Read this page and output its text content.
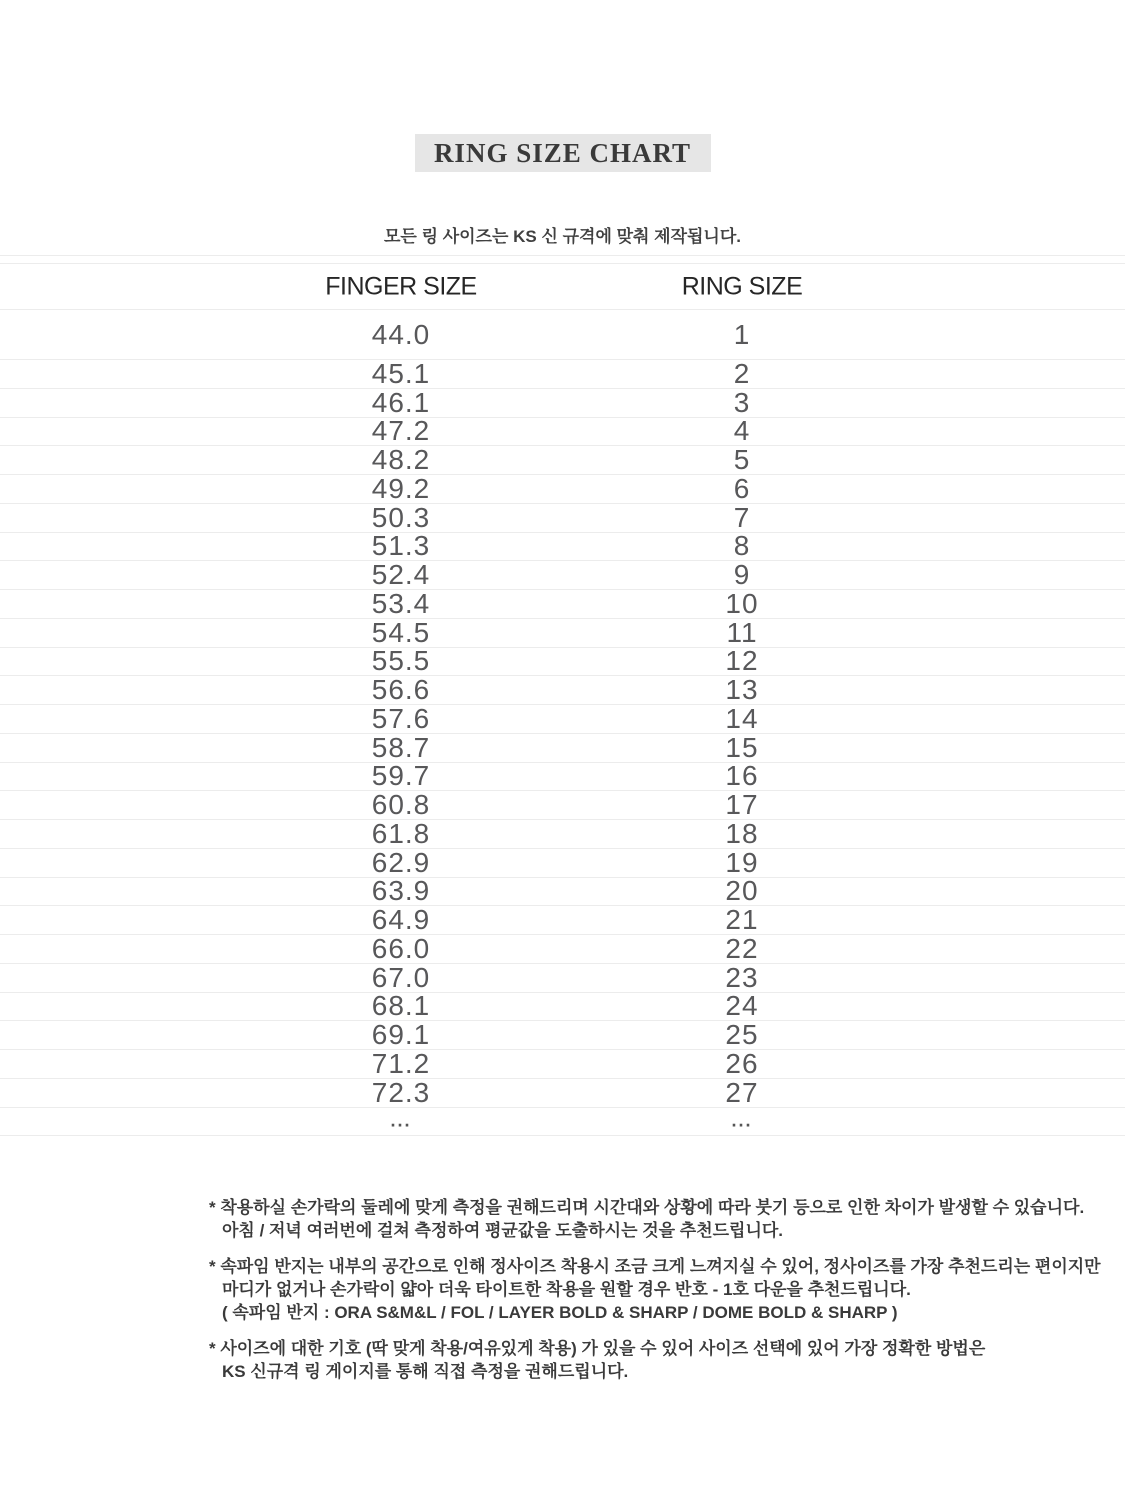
RING SIZE CHART

모든 링 사이즈는 KS 신 규격에 맞춰 제작됩니다.

FINGER SIZE	RING SIZE
44.0	1
45.1	2
46.1	3
47.2	4
48.2	5
49.2	6
50.3	7
51.3	8
52.4	9
53.4	10
54.5	11
55.5	12
56.6	13
57.6	14
58.7	15
59.7	16
60.8	17
61.8	18
62.9	19
63.9	20
64.9	21
66.0	22
67.0	23
68.1	24
69.1	25
71.2	26
72.3	27
...	...
* 착용하실 손가락의 둘레에 맞게 측정을 권해드리며 시간대와 상황에 따라 붓기 등으로 인한 차이가 발생할 수 있습니다.
아침 / 저녁 여러번에 걸쳐 측정하여 평균값을 도출하시는 것을 추천드립니다.
* 속파임 반지는 내부의 공간으로 인해 정사이즈 착용시 조금 크게 느껴지실 수 있어, 정사이즈를 가장 추천드리는 편이지만
마디가 없거나 손가락이 얇아 더욱 타이트한 착용을 원할 경우 반호 - 1호 다운을 추천드립니다.
( 속파임 반지 : ORA S&M&L / FOL / LAYER BOLD & SHARP / DOME BOLD & SHARP )
* 사이즈에 대한 기호 (딱 맞게 착용/여유있게 착용) 가 있을 수 있어 사이즈 선택에 있어 가장 정확한 방법은
KS 신규격 링 게이지를 통해 직접 측정을 권해드립니다.
